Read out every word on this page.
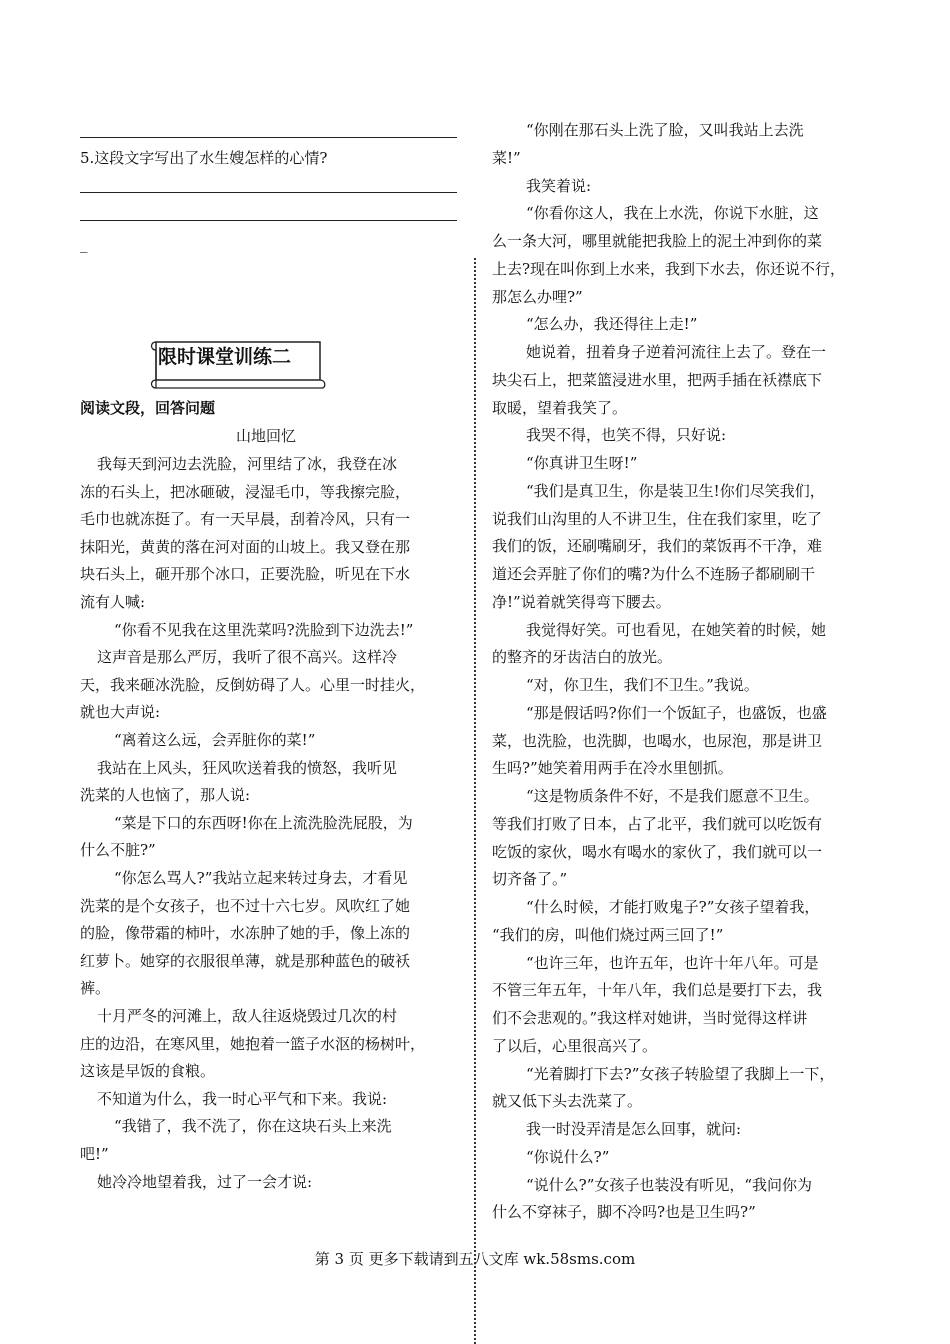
5.这段文字写出了水生嫂怎样的心情?
_
限时课堂训练二
阅读文段，回答问题
山地回忆
我每天到河边去洗脸，河里结了冰，我登在冰
冻的石头上，把冰砸破，浸湿毛巾，等我擦完脸，
毛巾也就冻挺了。有一天早晨，刮着冷风，只有一
抹阳光，黄黄的落在河对面的山坡上。我又登在那
块石头上，砸开那个冰口，正要洗脸，听见在下水
流有人喊:
“你看不见我在这里洗菜吗?洗脸到下边洗去!”
这声音是那么严厉，我听了很不高兴。这样冷
天，我来砸冰洗脸，反倒妨碍了人。心里一时挂火，
就也大声说:
“离着这么远，会弄脏你的菜!”
我站在上风头，狂风吹送着我的愤怒，我听见
洗菜的人也恼了，那人说:
“菜是下口的东西呀!你在上流洗脸洗屁股，为
什么不脏?”
“你怎么骂人?”我站立起来转过身去，才看见
洗菜的是个女孩子，也不过十六七岁。风吹红了她
的脸，像带霜的柿叶，水冻肿了她的手，像上冻的
红萝卜。她穿的衣服很单薄，就是那种蓝色的破袄
裤。
十月严冬的河滩上，敌人往返烧毁过几次的村
庄的边沿，在寒风里，她抱着一篮子水沤的杨树叶，
这该是早饭的食粮。
不知道为什么，我一时心平气和下来。我说:
“我错了，我不洗了，你在这块石头上来洗
吧!”
她冷冷地望着我，过了一会才说:
“你刚在那石头上洗了脸，又叫我站上去洗
菜!”
我笑着说:
“你看你这人，我在上水洗，你说下水脏，这
么一条大河，哪里就能把我脸上的泥土冲到你的菜
上去?现在叫你到上水来，我到下水去，你还说不行，
那怎么办哩?”
“怎么办，我还得往上走!”
她说着，扭着身子逆着河流往上去了。登在一
块尖石上，把菜篮浸进水里，把两手插在袄襟底下
取暖，望着我笑了。
我哭不得，也笑不得，只好说:
“你真讲卫生呀!”
“我们是真卫生，你是装卫生!你们尽笑我们，
说我们山沟里的人不讲卫生，住在我们家里，吃了
我们的饭，还刷嘴刷牙，我们的菜饭再不干净，难
道还会弄脏了你们的嘴?为什么不连肠子都刷刷干
净!”说着就笑得弯下腰去。
我觉得好笑。可也看见，在她笑着的时候，她
的整齐的牙齿洁白的放光。
“对，你卫生，我们不卫生。”我说。
“那是假话吗?你们一个饭缸子，也盛饭，也盛
菜，也洗脸，也洗脚，也喝水，也尿泡，那是讲卫
生吗?”她笑着用两手在冷水里刨抓。
“这是物质条件不好，不是我们愿意不卫生。
等我们打败了日本，占了北平，我们就可以吃饭有
吃饭的家伙，喝水有喝水的家伙了，我们就可以一
切齐备了。”
“什么时候，才能打败鬼子?”女孩子望着我，
“我们的房，叫他们烧过两三回了!”
“也许三年，也许五年，也许十年八年。可是
不管三年五年，十年八年，我们总是要打下去，我
们不会悲观的。”我这样对她讲，当时觉得这样讲
了以后，心里很高兴了。
“光着脚打下去?”女孩子转脸望了我脚上一下，
就又低下头去洗菜了。
我一时没弄清是怎么回事，就问:
“你说什么?”
“说什么?”女孩子也装没有听见，“我问你为
什么不穿袜子，脚不冷吗?也是卫生吗?”
第 3 页 更多下载请到五八文库 wk.58sms.com
